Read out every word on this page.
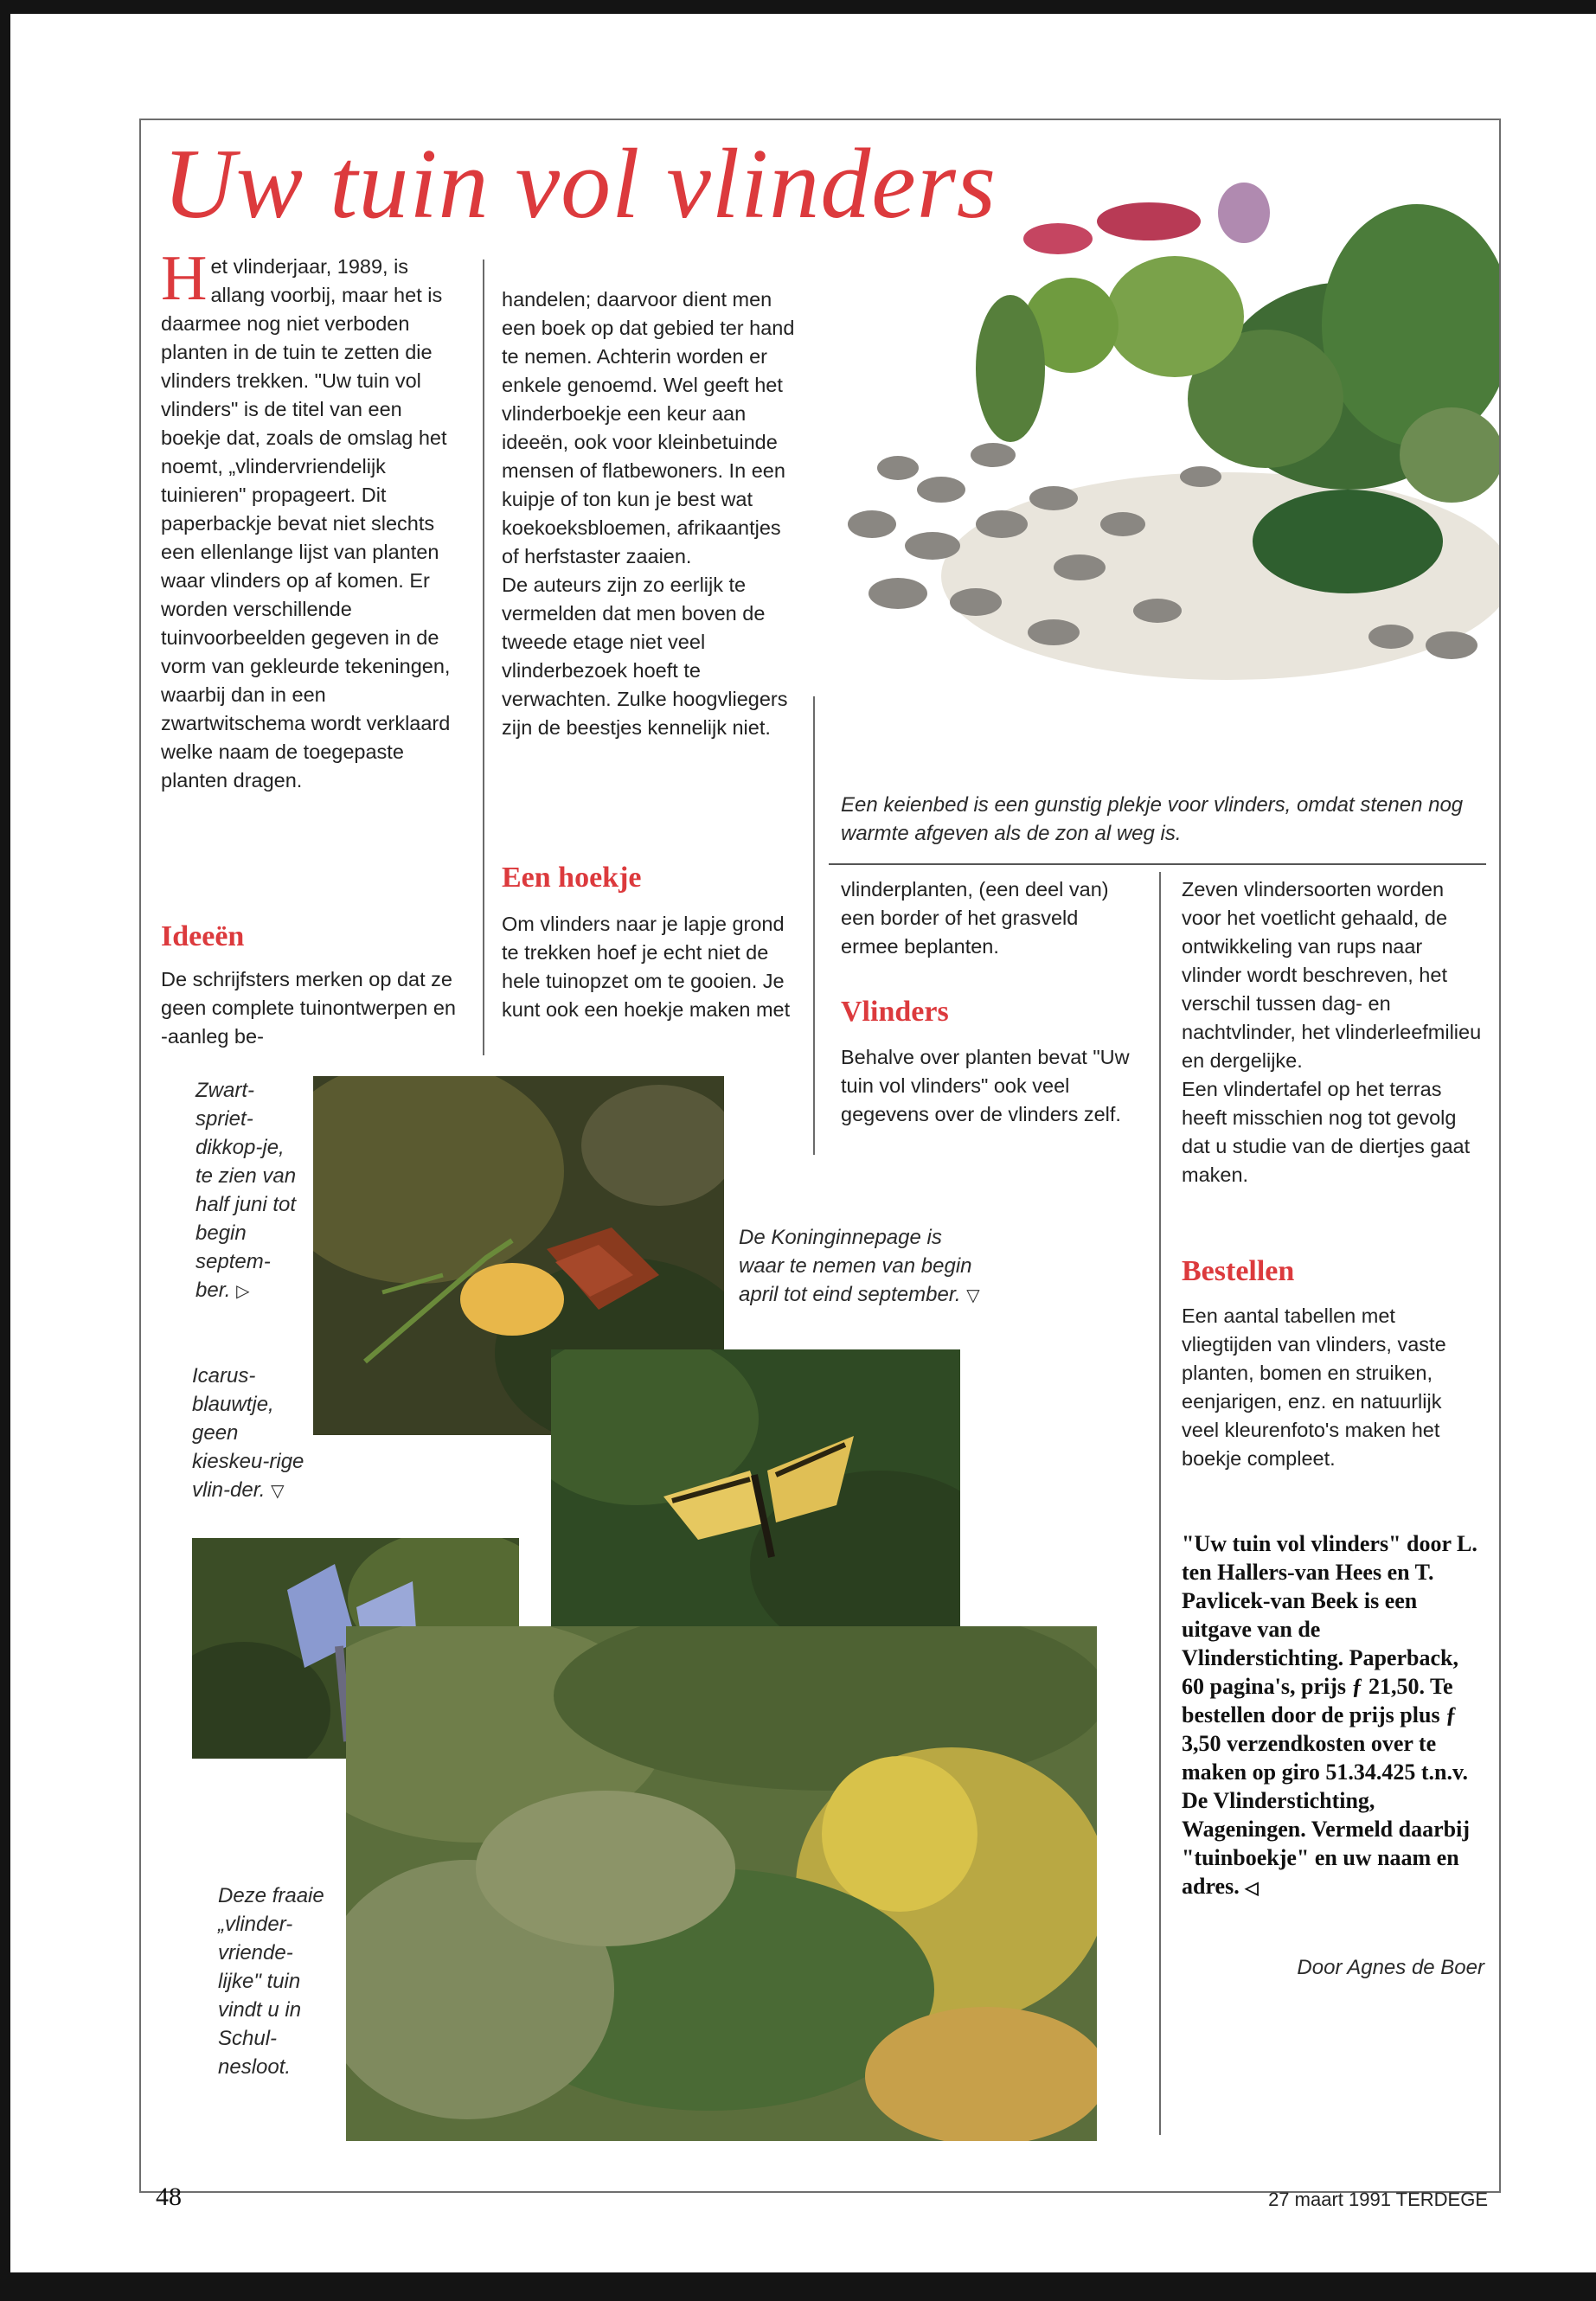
Uw tuin vol vlinders
Het vlinderjaar, 1989, is allang voorbij, maar het is daarmee nog niet verboden planten in de tuin te zetten die vlinders trekken. "Uw tuin vol vlinders" is de titel van een boekje dat, zoals de omslag het noemt, „vlindervriendelijk tuinieren" propageert. Dit paperbackje bevat niet slechts een ellenlange lijst van planten waar vlinders op af komen. Er worden verschillende tuinvoorbeelden gegeven in de vorm van gekleurde tekeningen, waarbij dan in een zwartwitschema wordt verklaard welke naam de toegepaste planten dragen.
Ideeën

De schrijfsters merken op dat ze geen complete tuinontwerpen en -aanleg be-

handelen; daarvoor dient men een boek op dat gebied ter hand te nemen. Achterin worden er enkele genoemd. Wel geeft het vlinderboekje een keur aan ideeën, ook voor kleinbetuinde mensen of flatbewoners. In een kuipje of ton kun je best wat koekoeksbloemen, afrikaantjes of herfstaster zaaien.

De auteurs zijn zo eerlijk te vermelden dat men boven de tweede etage niet veel vlinderbezoek hoeft te verwachten. Zulke hoogvliegers zijn de beestjes kennelijk niet.

Een hoekje

Om vlinders naar je lapje grond te trekken hoef je echt niet de hele tuinopzet om te gooien. Je kunt ook een hoekje maken met

Een keienbed is een gunstig plekje voor vlinders, omdat stenen nog warmte afgeven als de zon al weg is.

vlinderplanten, (een deel van) een border of het grasveld ermee beplanten.

Vlinders

Behalve over planten bevat "Uw tuin vol vlinders" ook veel gegevens over de vlinders zelf.

Zeven vlindersoorten worden voor het voetlicht gehaald, de ontwikkeling van rups naar vlinder wordt beschreven, het verschil tussen dag- en nachtvlinder, het vlinderleefmilieu en dergelijke.

Een vlindertafel op het terras heeft misschien nog tot gevolg dat u studie van de diertjes gaat maken.

Bestellen

Een aantal tabellen met vliegtijden van vlinders, vaste planten, bomen en struiken, eenjarigen, enz. en natuurlijk veel kleurenfoto's maken het boekje compleet.

"Uw tuin vol vlinders" door L. ten Hallers-van Hees en T. Pavlicek-van Beek is een uitgave van de Vlinderstichting. Paperback, 60 pagina's, prijs ƒ 21,50. Te bestellen door de prijs plus ƒ 3,50 verzendkosten over te maken op giro 51.34.425 t.n.v. De Vlinderstichting, Wageningen. Vermeld daarbij "tuinboekje" en uw naam en adres. ◁

Door Agnes de Boer

Zwart-spriet-dikkop-je, te zien van half juni tot begin septem-ber. ▷

Icarus-blauwtje, geen kieskeu-rige vlin-der. ▽

De Koninginnepage is waar te nemen van begin april tot eind september. ▽

Deze fraaie „vlinder-vriende-lijke" tuin vindt u in Schul-nesloot.

48	27 maart 1991 TERDEGE
